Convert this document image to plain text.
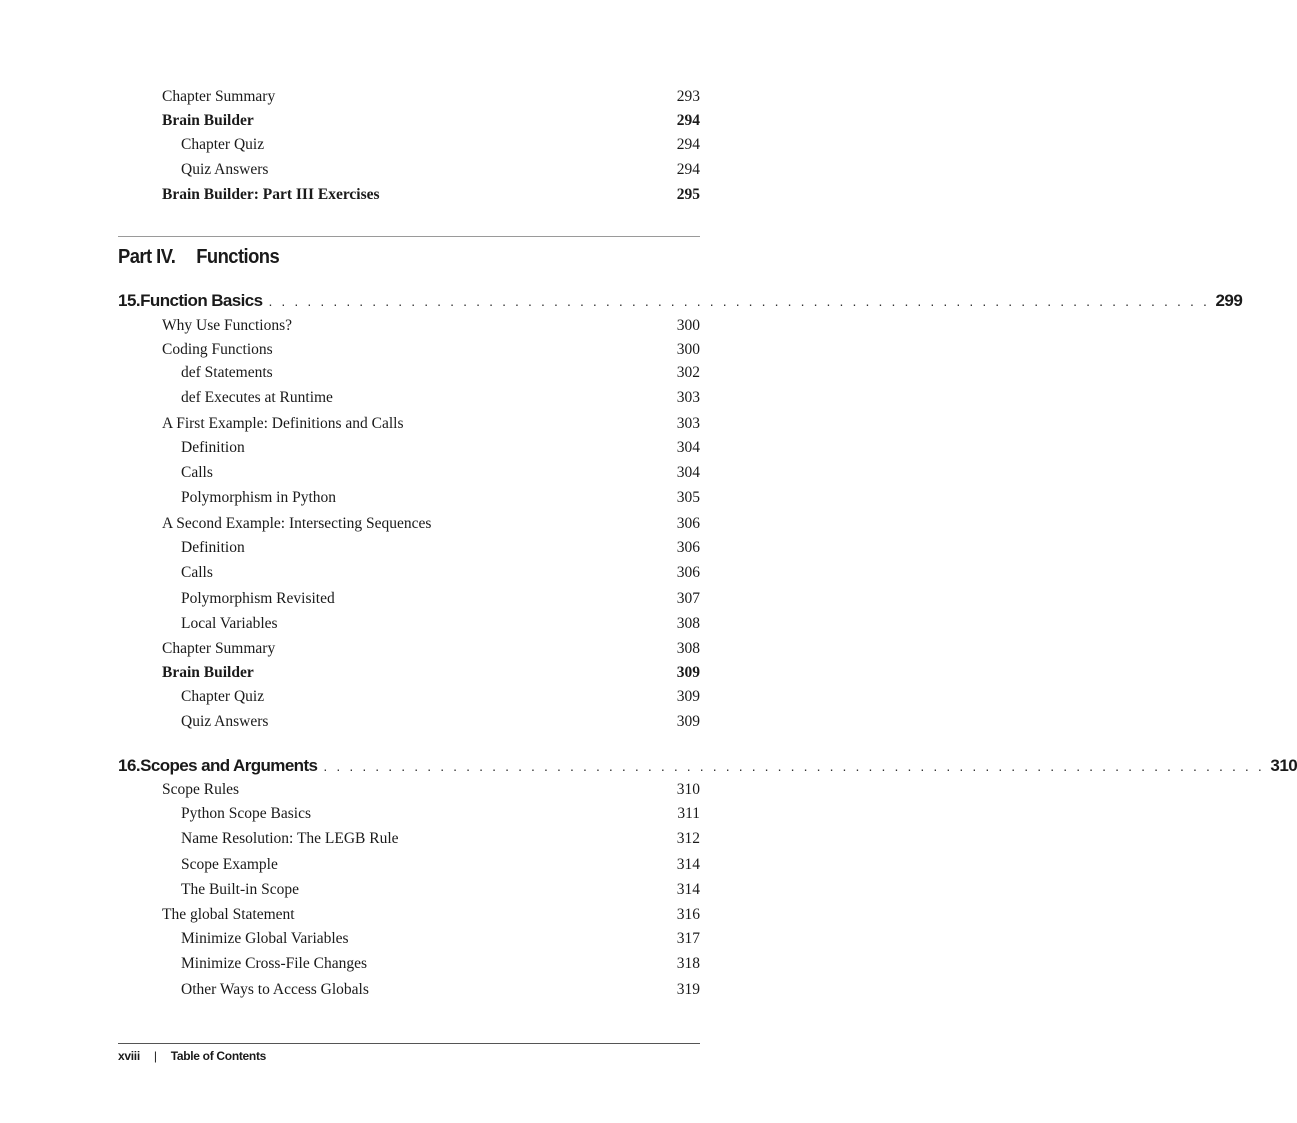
Chapter Summary	293
Brain Builder	294
Chapter Quiz	294
Quiz Answers	294
Brain Builder: Part III Exercises	295
Part IV. Functions
15. Function Basics . . . . . . . . . . . . . . . . . . . . . . . . . . . . . . . . . . . . . . . . . . . . . . . . . . . . . . . . . . . . . . . . . . . . . . . . . 299
Why Use Functions?	300
Coding Functions	300
def Statements	302
def Executes at Runtime	303
A First Example: Definitions and Calls	303
Definition	304
Calls	304
Polymorphism in Python	305
A Second Example: Intersecting Sequences	306
Definition	306
Calls	306
Polymorphism Revisited	307
Local Variables	308
Chapter Summary	308
Brain Builder	309
Chapter Quiz	309
Quiz Answers	309
16. Scopes and Arguments . . . . . . . . . . . . . . . . . . . . . . . . . . . . . . . . . . . . . . . . . . . . . . . . . . . . . . . . . . . . . . . . . . . . . . . . . 310
Scope Rules	310
Python Scope Basics	311
Name Resolution: The LEGB Rule	312
Scope Example	314
The Built-in Scope	314
The global Statement	316
Minimize Global Variables	317
Minimize Cross-File Changes	318
Other Ways to Access Globals	319
xviii | Table of Contents
